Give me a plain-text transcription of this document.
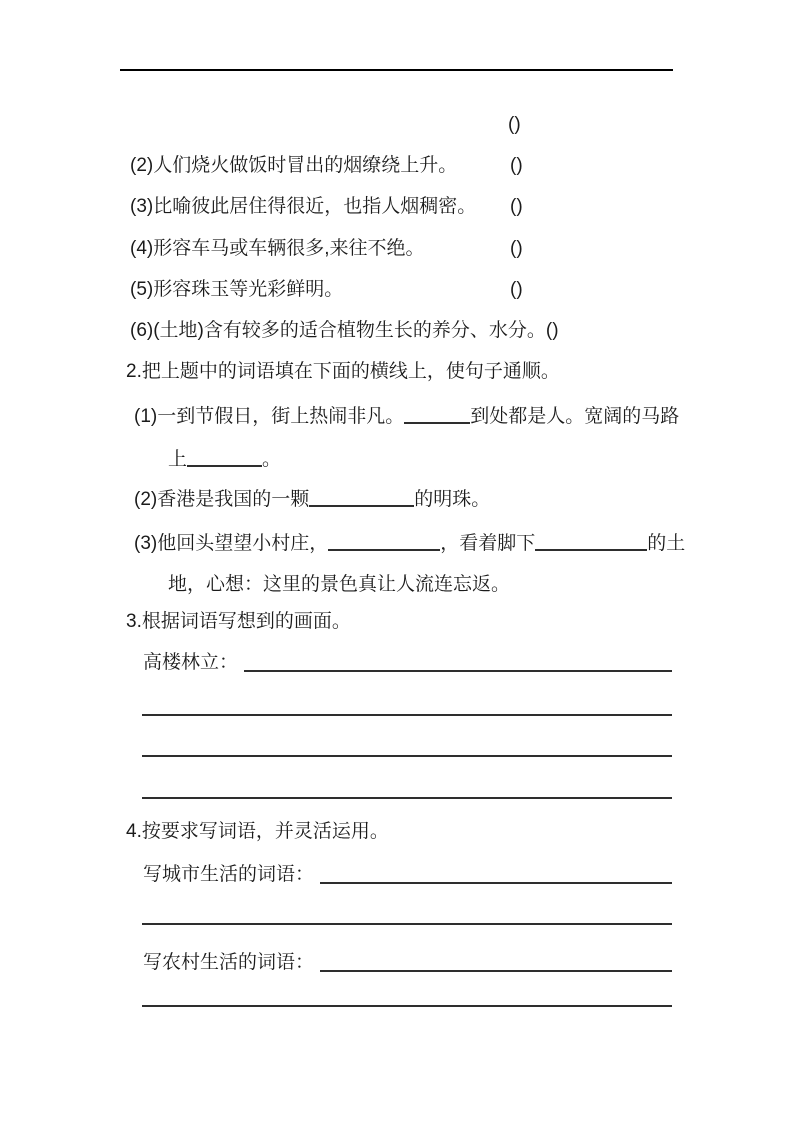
()
(2)人们烧火做饭时冒出的烟缭绕上升。	()
(3)比喻彼此居住得很近，也指人烟稠密。 ()
(4)形容车马或车辆很多,来往不绝。	()
(5)形容珠玉等光彩鲜明。	()
(6)(土地)含有较多的适合植物生长的养分、水分。()
2.把上题中的词语填在下面的横线上，使句子通顺。
(1)一到节假日，街上热闹非凡。	到处都是人。宽阔的马路
上	。
(2)香港是我国的一颗	的明珠。
(3)他回头望望小村庄，	，看着脚下	的土
地，心想：这里的景色真让人流连忘返。
3.根据词语写想到的画面。
高楼林立：
4.按要求写词语，并灵活运用。
写城市生活的词语：
写农村生活的词语：
